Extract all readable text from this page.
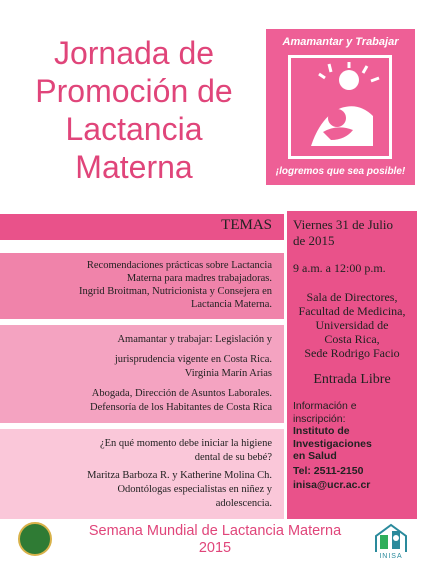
Jornada de
Promoción de
Lactancia
Materna
Amamantar y Trabajar
¡logremos que sea posible!
TEMAS
Recomendaciones prácticas sobre Lactancia
Materna para madres trabajadoras.
Ingrid Broitman, Nutricionista y Consejera en
Lactancia Materna.
Amamantar y trabajar: Legislación y
jurisprudencia vigente en Costa Rica.
Virginia Marín Arias
Abogada, Dirección de Asuntos Laborales.
Defensoría de los Habitantes de Costa Rica
¿En qué momento debe iniciar la higiene
dental de su bebé?
Maritza Barboza R. y Katherine Molina Ch.
Odontólogas especialistas en niñez y
adolescencia.
Viernes 31 de Julio
de 2015
9 a.m. a 12:00 p.m.
Sala de Directores,
Facultad de Medicina,
Universidad de
Costa Rica,
Sede Rodrigo Facio
Entrada Libre
Información e
inscripción:
Instituto de
Investigaciones
en Salud
Tel: 2511-2150
inisa@ucr.ac.cr
Semana Mundial de Lactancia Materna
2015
INISA
